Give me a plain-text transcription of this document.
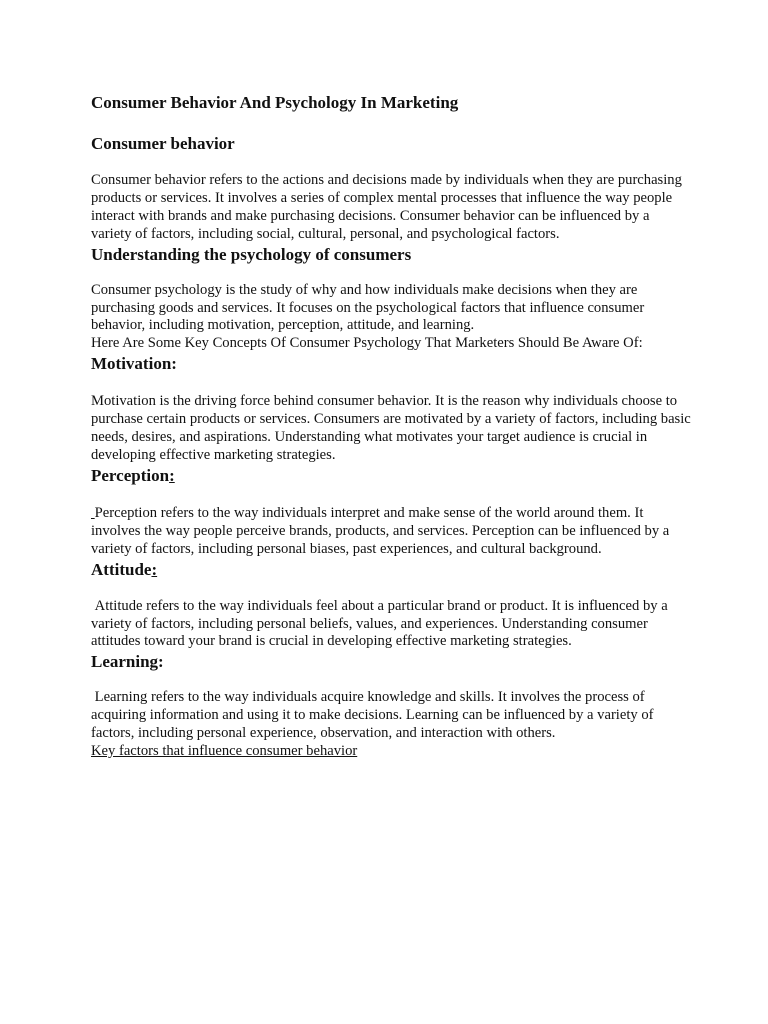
Consumer Behavior And Psychology In Marketing
Consumer behavior

Consumer behavior refers to the actions and decisions made by individuals when they are purchasing products or services. It involves a series of complex mental processes that influence the way people interact with brands and make purchasing decisions. Consumer behavior can be influenced by a variety of factors, including social, cultural, personal, and psychological factors.

Understanding the psychology of consumers

Consumer psychology is the study of why and how individuals make decisions when they are purchasing goods and services. It focuses on the psychological factors that influence consumer behavior, including motivation, perception, attitude, and learning.

Here Are Some Key Concepts Of Consumer Psychology That Marketers Should Be Aware Of:

Motivation:

Motivation is the driving force behind consumer behavior. It is the reason why individuals choose to purchase certain products or services. Consumers are motivated by a variety of factors, including basic needs, desires, and aspirations. Understanding what motivates your target audience is crucial in developing effective marketing strategies.

Perception:

Perception refers to the way individuals interpret and make sense of the world around them. It involves the way people perceive brands, products, and services. Perception can be influenced by a variety of factors, including personal biases, past experiences, and cultural background.

Attitude:

Attitude refers to the way individuals feel about a particular brand or product. It is influenced by a variety of factors, including personal beliefs, values, and experiences. Understanding consumer attitudes toward your brand is crucial in developing effective marketing strategies.

Learning:

Learning refers to the way individuals acquire knowledge and skills. It involves the process of acquiring information and using it to make decisions. Learning can be influenced by a variety of factors, including personal experience, observation, and interaction with others.

Key factors that influence consumer behavior
